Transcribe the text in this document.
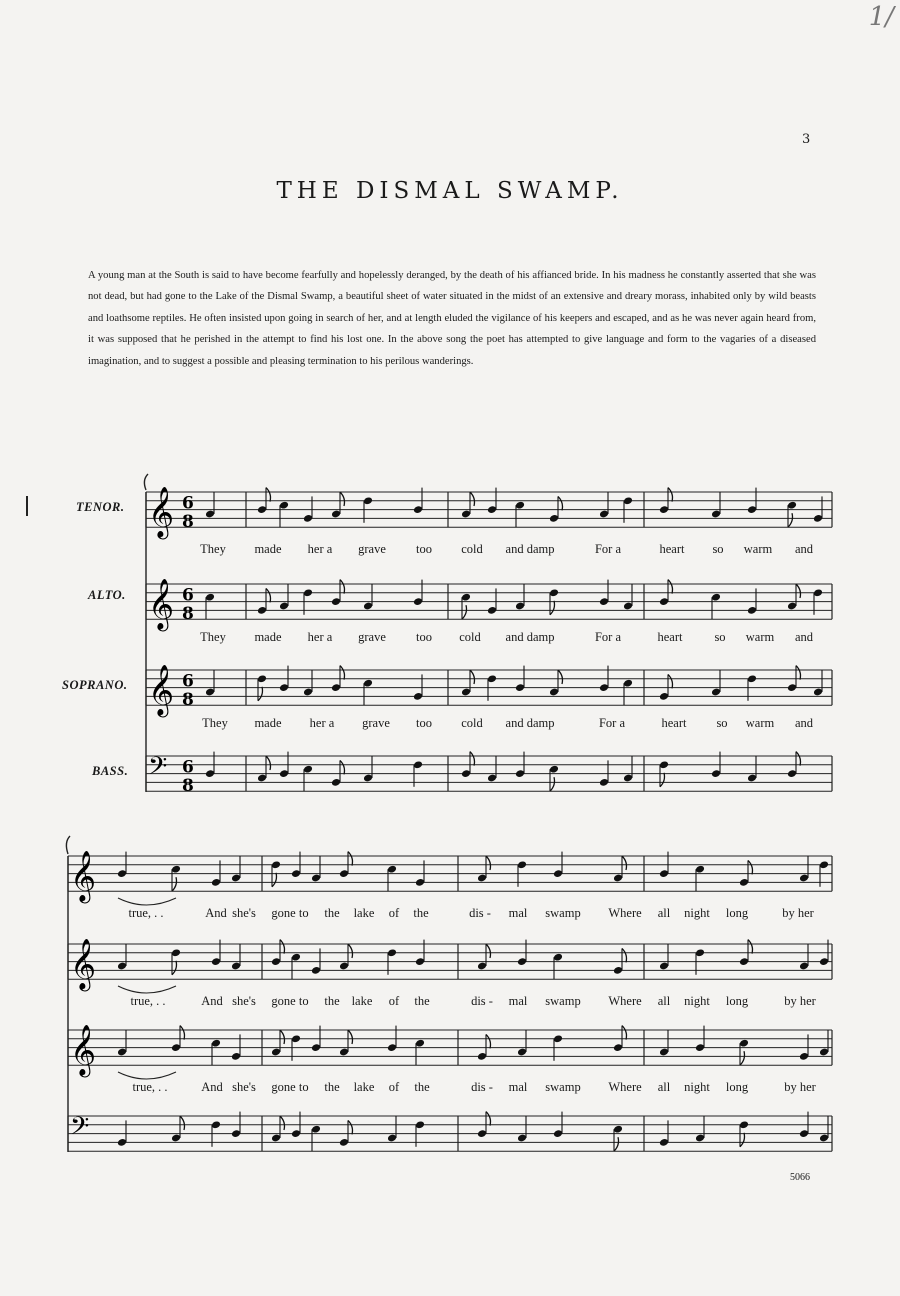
1/
3
THE DISMAL SWAMP.

A young man at the South is said to have become fearfully and hopelessly deranged, by the death of his affianced bride. In his madness he constantly asserted that she was not dead, but had gone to the Lake of the Dismal Swamp, a beautiful sheet of water situated in the midst of an extensive and dreary morass, inhabited only by wild beasts and loathsome reptiles. He often insisted upon going in search of her, and at length eluded the vigilance of his keepers and escaped, and as he was never again heard from, it was supposed that he perished in the attempt to find his lost one. In the above song the poet has attempted to give language and form to the vagaries of a diseased imagination, and to suggest a possible and pleasing termination to his perilous wanderings.

𝄞 6
8
𝄞 6
8
𝄞 6
8
𝄢 6
8
TENOR.
ALTO.
SOPRANO.
BASS.
They made her a grave too cold and damp	For a	heart so warm and
They made her a grave too cold and damp	For a	heart	so warm and
They made her a grave too cold and damp	For a	heart so warm and
𝄞
𝄞
𝄞
𝄢
true, . .	And she's gone to the lake of the	dis - mal swamp Where all night long	by her
true, . .	And she's gone to the lake of the	dis - mal swamp Where all night long	by her
true, . .	And she's gone to the lake of the	dis - mal swamp Where all night long	by her
5066
